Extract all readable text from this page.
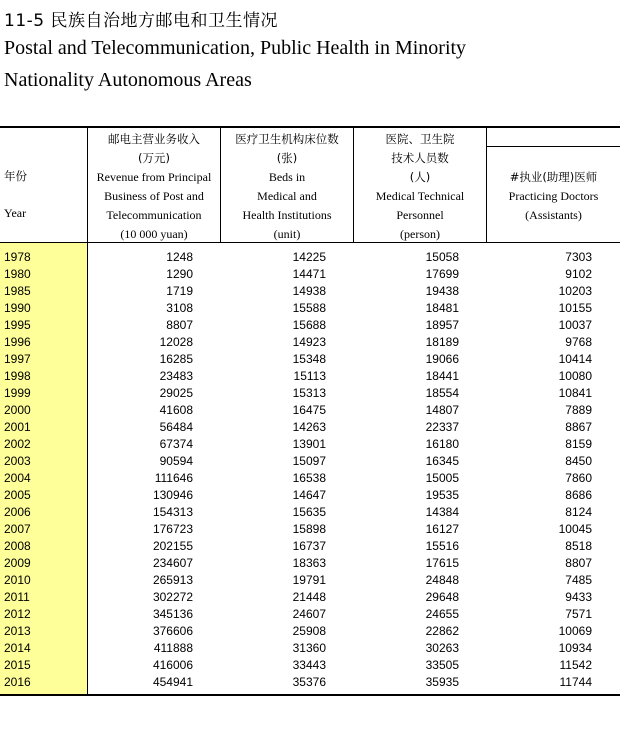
11-5 民族自治地方邮电和卫生情况
Postal and Telecommunication, Public Health in Minority
Nationality Autonomous Areas
年份
Year
邮电主营业务收入
(万元)
Revenue from Principal
Business of Post and
Telecommunication
(10 000 yuan)
医疗卫生机构床位数
(张)
Beds in
Medical and
Health Institutions
(unit)
医院、卫生院
技术人员数
(人)
Medical Technical
Personnel
(person)
#执业(助理)医师
Practicing Doctors
(Assistants)
1978	1248	14225	15058	7303
1980	1290	14471	17699	9102
1985	1719	14938	19438	10203
1990	3108	15588	18481	10155
1995	8807	15688	18957	10037
1996	12028	14923	18189	9768
1997	16285	15348	19066	10414
1998	23483	15113	18441	10080
1999	29025	15313	18554	10841
2000	41608	16475	14807	7889
2001	56484	14263	22337	8867
2002	67374	13901	16180	8159
2003	90594	15097	16345	8450
2004	111646	16538	15005	7860
2005	130946	14647	19535	8686
2006	154313	15635	14384	8124
2007	176723	15898	16127	10045
2008	202155	16737	15516	8518
2009	234607	18363	17615	8807
2010	265913	19791	24848	7485
2011	302272	21448	29648	9433
2012	345136	24607	24655	7571
2013	376606	25908	22862	10069
2014	411888	31360	30263	10934
2015	416006	33443	33505	11542
2016	454941	35376	35935	11744
